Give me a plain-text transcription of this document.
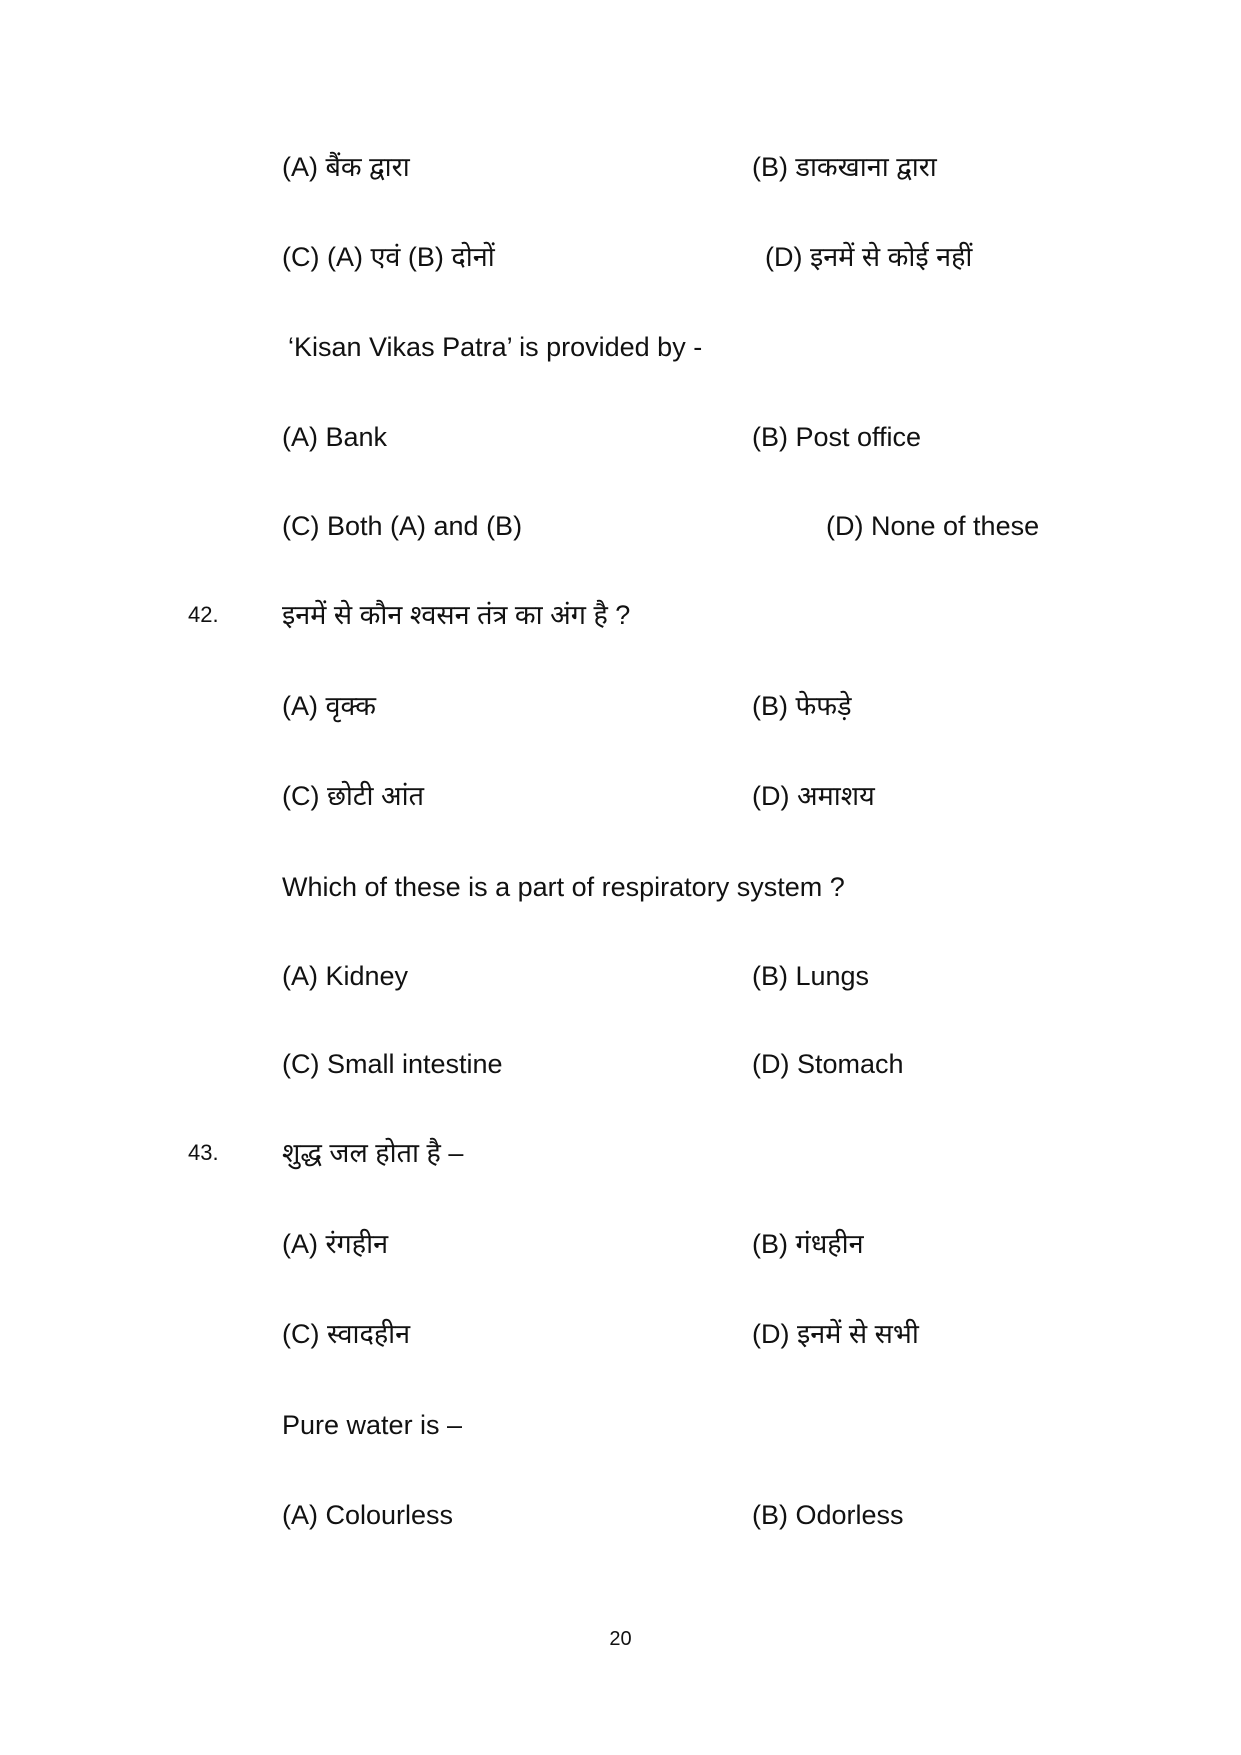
(A) बैंक द्वारा	(B) डाकखाना द्वारा
(C) (A) एवं (B) दोनों	(D) इनमें से कोई नहीं
‘Kisan Vikas Patra’ is provided by -
(A) Bank	(B) Post office
(C) Both (A) and (B)	(D) None of these
42. इनमें से कौन श्वसन तंत्र का अंग है ?
(A) वृक्क	(B) फेफड़े
(C) छोटी आंत	(D) अमाशय
Which of these is a part of respiratory system ?
(A) Kidney	(B) Lungs
(C) Small intestine	(D) Stomach
43. शुद्ध जल होता है –
(A) रंगहीन	(B) गंधहीन
(C) स्वादहीन	(D) इनमें से सभी
Pure water is –
(A) Colourless	(B) Odorless
20
